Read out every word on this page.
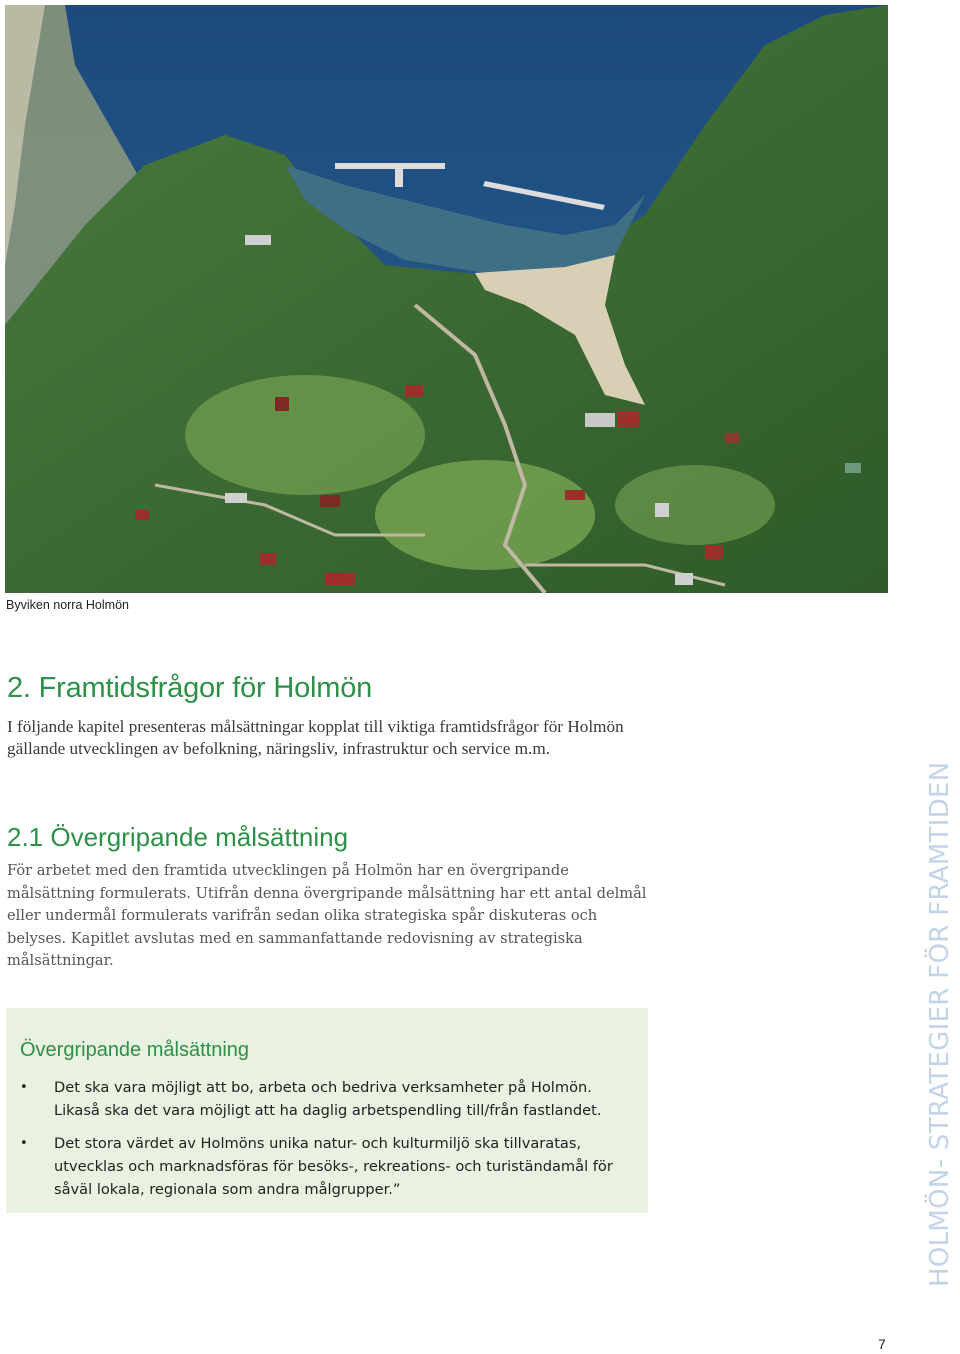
Byviken norra Holmön
2. Framtidsfrågor för Holmön

I följande kapitel presenteras målsättningar kopplat till viktiga framtidsfrågor för Holmön gällande utvecklingen av befolkning, näringsliv, infrastruktur och service m.m.

2.1 Övergripande målsättning

För arbetet med den framtida utvecklingen på Holmön har en övergripande målsättning formulerats. Utifrån denna övergripande målsättning har ett antal delmål eller undermål formulerats varifrån sedan olika strategiska spår diskuteras och belyses. Kapitlet avslutas med en sammanfattande redovisning av strategiska målsättningar.

Övergripande målsättning
• Det ska vara möjligt att bo, arbeta och bedriva verksamheter på Holmön. Likaså ska det vara möjligt att ha daglig arbetspendling till/från fastlandet.
• Det stora värdet av Holmöns unika natur- och kulturmiljö ska tillvaratas, utvecklas och marknadsföras för besöks-, rekreations- och turiständamål för såväl lokala, regionala som andra målgrupper.”	HOLMÖN- STRATEGIER FÖR FRAMTIDEN
7
